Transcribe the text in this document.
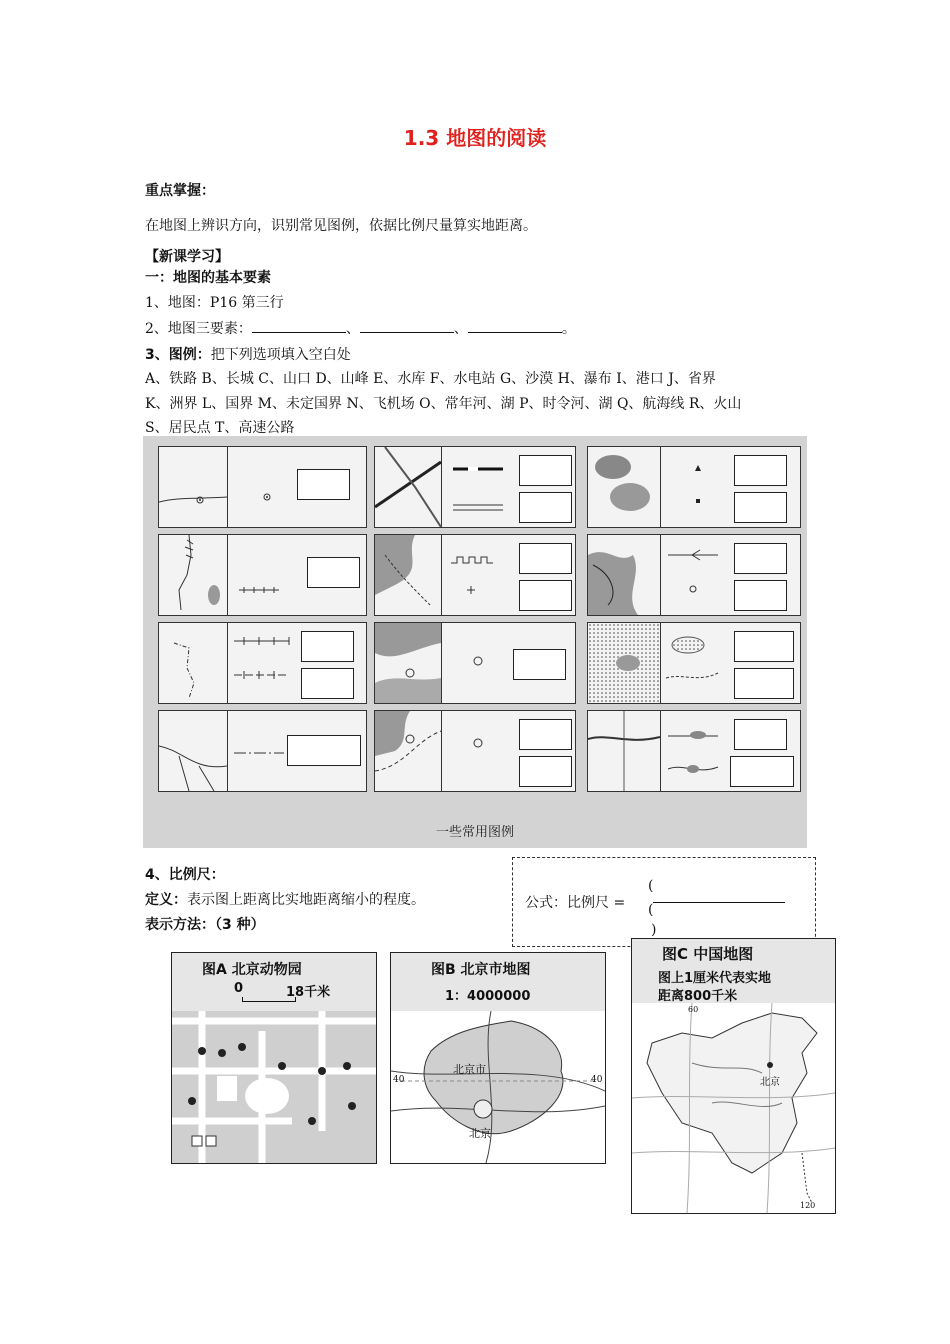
1.3 地图的阅读
重点掌握：
在地图上辨识方向，识别常见图例，依据比例尺量算实地距离。
【新课学习】
一：地图的基本要素
1、地图：P16 第三行
2、地图三要素：	、	、	。
3、图例：把下列选项填入空白处
A、铁路 B、长城 C、山口 D、山峰 E、水库 F、水电站 G、沙漠 H、瀑布 I、港口 J、省界
K、洲界 L、国界 M、未定国界 N、飞机场 O、常年河、湖 P、时令河、湖 Q、航海线 R、火山
S、居民点 T、高速公路
一些常用图例
4、比例尺：
定义：表示图上距离比实地距离缩小的程度。
表示方法：（3 种）
公式：比例尺 =
(
(
)
图A 北京动物园
0	18千米
图B 北京市地图
1：4000000
北京市
北京
40	40
图C 中国地图
图上1厘米代表实地
距离800千米
北京
60
120
